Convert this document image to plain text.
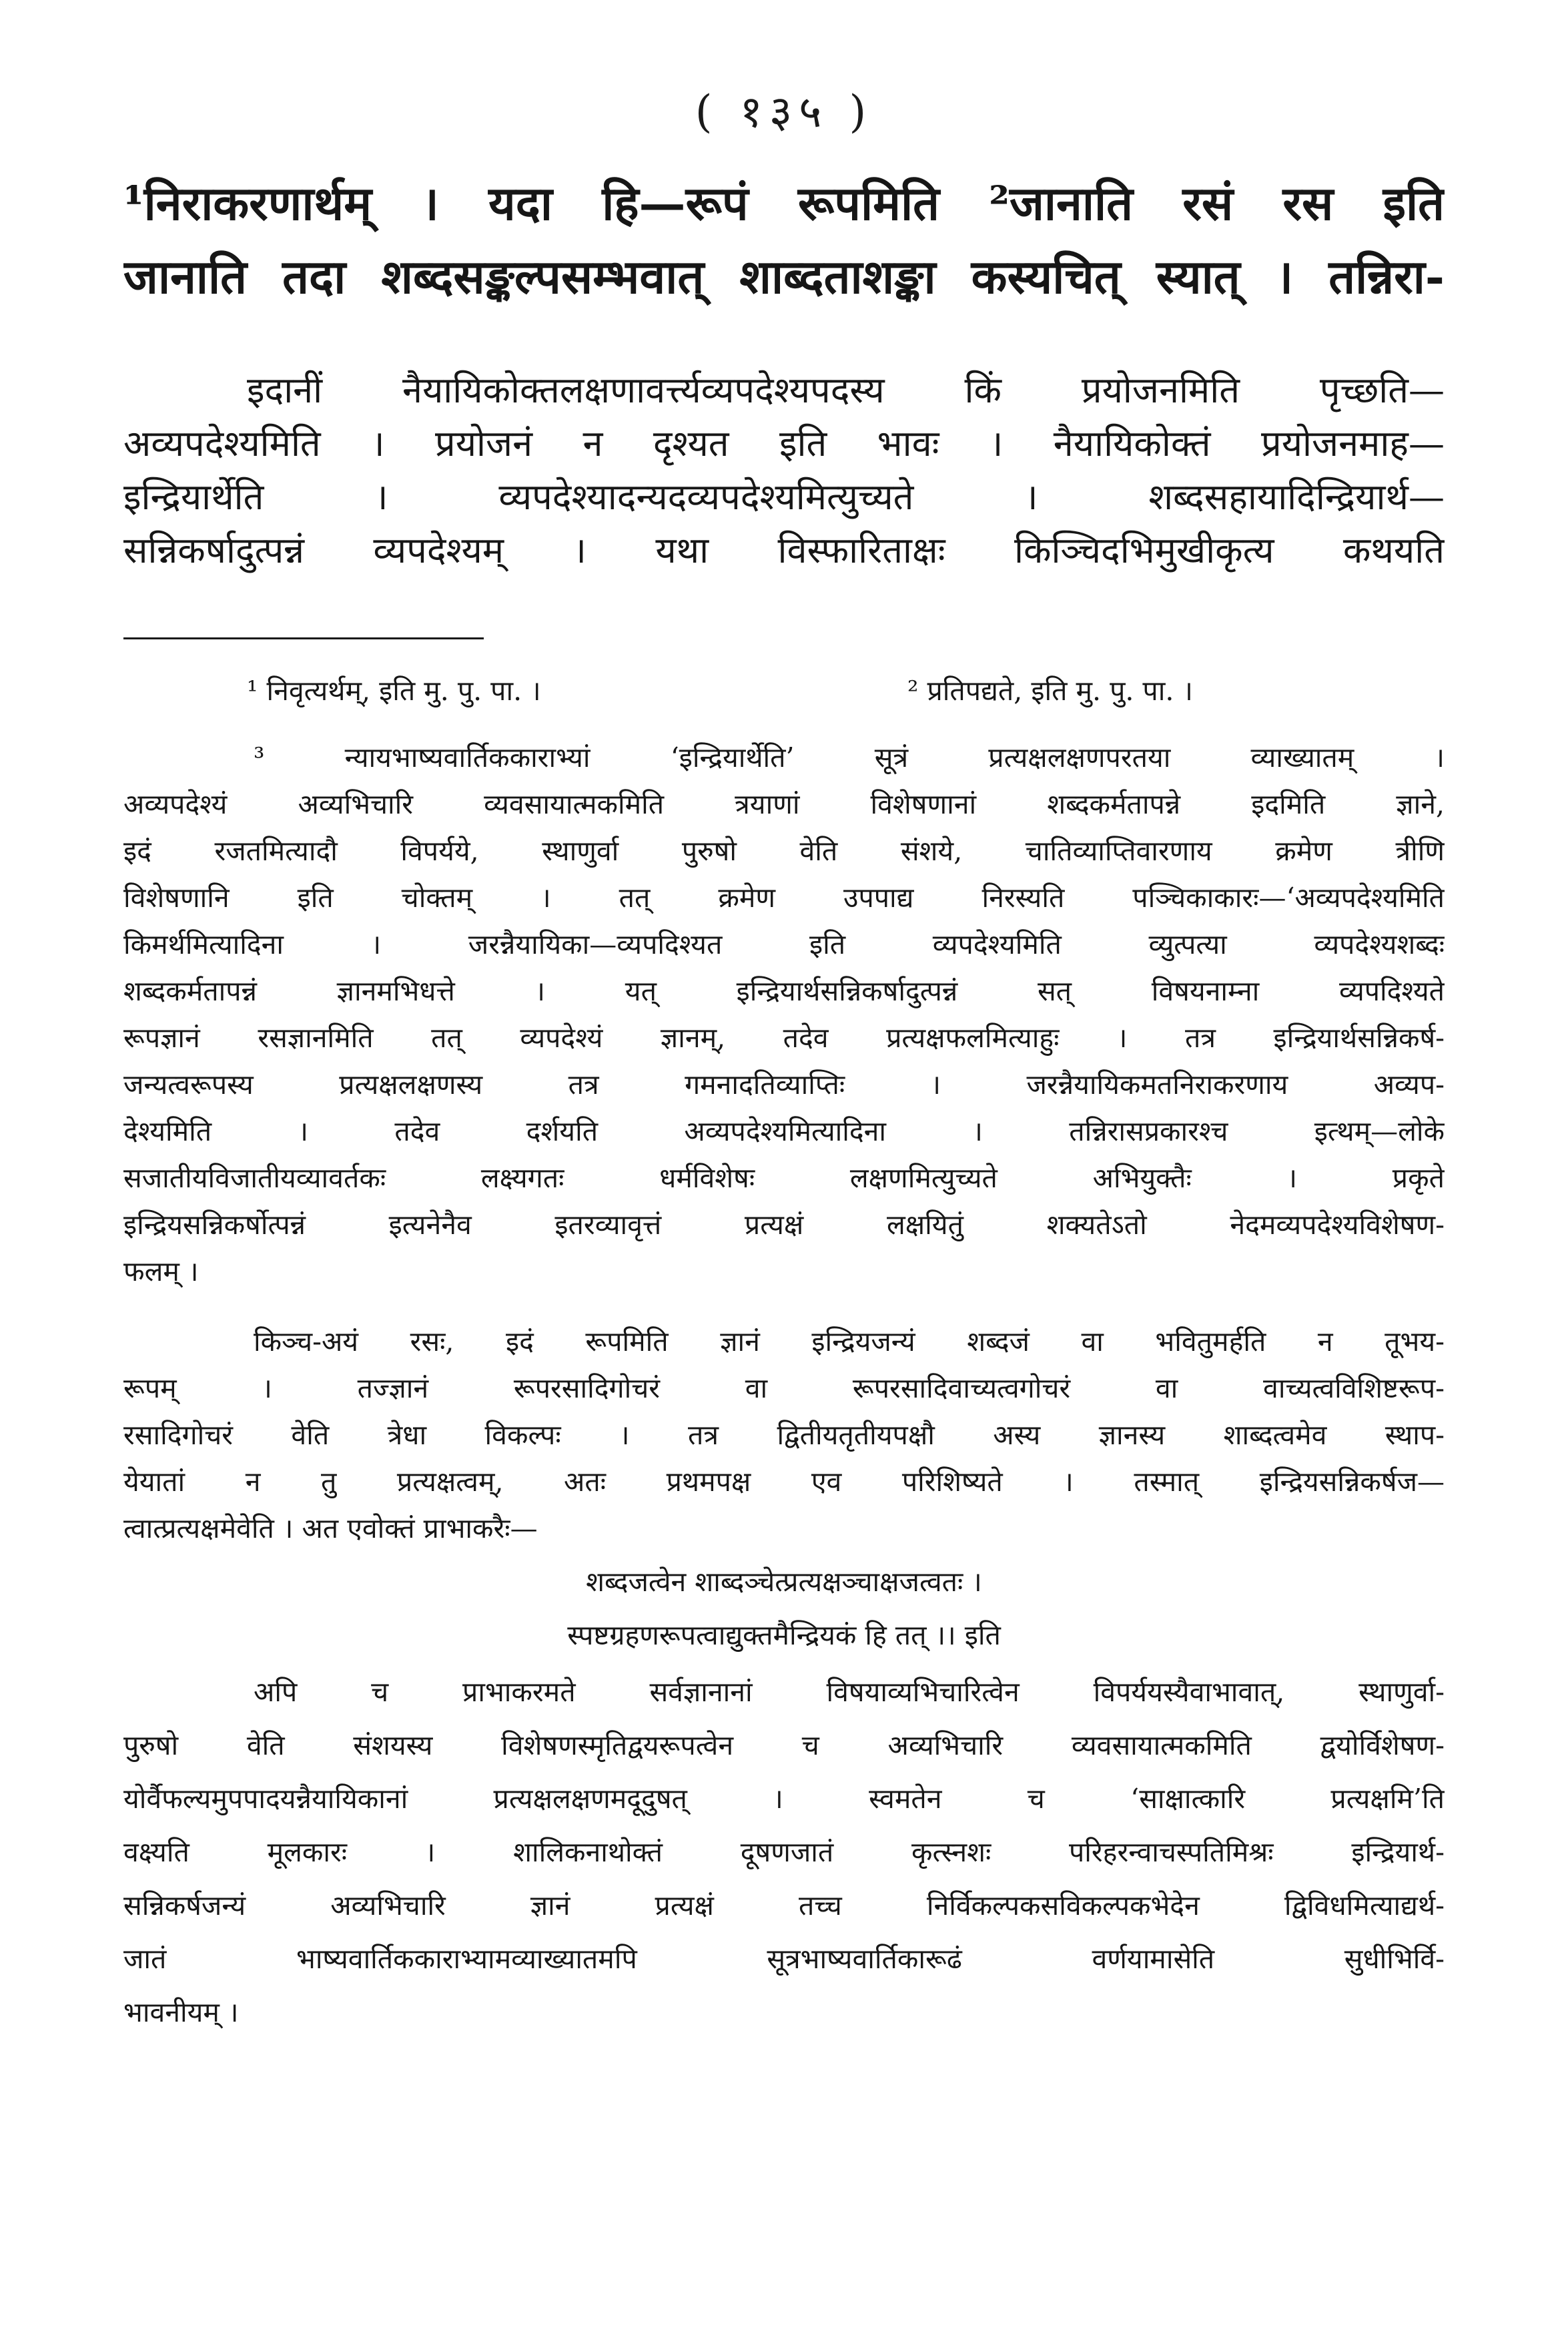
( १३५ )
¹निराकरणार्थम् । यदा हि—रूपं रूपमिति ²जानाति रसं रस इति
जानाति तदा शब्दसङ्कल्पसम्भवात् शाब्दताशङ्का कस्यचित् स्यात् । तन्निरा-
इदानीं नैयायिकोक्तलक्षणावर्त्त्यव्यपदेश्यपदस्य किं प्रयोजनमिति पृच्छति—
अव्यपदेश्यमिति । प्रयोजनं न दृश्यत इति भावः । नैयायिकोक्तं प्रयोजनमाह—
इन्द्रियार्थेति । व्यपदेश्यादन्यदव्यपदेश्यमित्युच्यते । शब्दसहायादिन्द्रियार्थ—
सन्निकर्षादुत्पन्नं व्यपदेश्यम् । यथा विस्फारिताक्षः किञ्चिदभिमुखीकृत्य कथयति
¹ निवृत्यर्थम्, इति मु. पु. पा. ।	² प्रतिपद्यते, इति मु. पु. पा. ।
³ न्यायभाष्यवार्तिककाराभ्यां ‘इन्द्रियार्थेति’ सूत्रं प्रत्यक्षलक्षणपरतया व्याख्यातम् ।
अव्यपदेश्यं अव्यभिचारि व्यवसायात्मकमिति त्रयाणां विशेषणानां शब्दकर्मतापन्ने इदमिति ज्ञाने,
इदं रजतमित्यादौ विपर्यये, स्थाणुर्वा पुरुषो वेति संशये, चातिव्याप्तिवारणाय क्रमेण त्रीणि
विशेषणानि इति चोक्तम् । तत् क्रमेण उपपाद्य निरस्यति पञ्चिकाकारः—‘अव्यपदेश्यमिति
किमर्थमित्यादिना । जरन्नैयायिका—व्यपदिश्यत इति व्यपदेश्यमिति व्युत्पत्या व्यपदेश्यशब्दः
शब्दकर्मतापन्नं ज्ञानमभिधत्ते । यत् इन्द्रियार्थसन्निकर्षादुत्पन्नं सत् विषयनाम्ना व्यपदिश्यते
रूपज्ञानं रसज्ञानमिति तत् व्यपदेश्यं ज्ञानम्, तदेव प्रत्यक्षफलमित्याहुः । तत्र इन्द्रियार्थसन्निकर्ष-
जन्यत्वरूपस्य प्रत्यक्षलक्षणस्य तत्र गमनादतिव्याप्तिः । जरन्नैयायिकमतनिराकरणाय अव्यप-
देश्यमिति । तदेव दर्शयति अव्यपदेश्यमित्यादिना । तन्निरासप्रकारश्च इत्थम्—लोके
सजातीयविजातीयव्यावर्तकः लक्ष्यगतः धर्मविशेषः लक्षणमित्युच्यते अभियुक्तैः । प्रकृते
इन्द्रियसन्निकर्षोत्पन्नं इत्यनेनैव इतरव्यावृत्तं प्रत्यक्षं लक्षयितुं शक्यतेऽतो नेदमव्यपदेश्यविशेषण-
फलम् ।
किञ्च-अयं रसः, इदं रूपमिति ज्ञानं इन्द्रियजन्यं शब्दजं वा भवितुमर्हति न तूभय-
रूपम् । तज्ज्ञानं रूपरसादिगोचरं वा रूपरसादिवाच्यत्वगोचरं वा वाच्यत्वविशिष्टरूप-
रसादिगोचरं वेति त्रेधा विकल्पः । तत्र द्वितीयतृतीयपक्षौ अस्य ज्ञानस्य शाब्दत्वमेव स्थाप-
येयातां न तु प्रत्यक्षत्वम्, अतः प्रथमपक्ष एव परिशिष्यते । तस्मात् इन्द्रियसन्निकर्षज—
त्वात्प्रत्यक्षमेवेति । अत एवोक्तं प्राभाकरैः—
शब्दजत्वेन शाब्दञ्चेत्प्रत्यक्षञ्चाक्षजत्वतः ।
स्पष्टग्रहणरूपत्वाद्युक्तमैन्द्रियकं हि तत् ।। इति
अपि च प्राभाकरमते सर्वज्ञानानां विषयाव्यभिचारित्वेन विपर्ययस्यैवाभावात्, स्थाणुर्वा-
पुरुषो वेति संशयस्य विशेषणस्मृतिद्वयरूपत्वेन च अव्यभिचारि व्यवसायात्मकमिति द्वयोर्विशेषण-
योर्वैफल्यमुपपादयन्नैयायिकानां प्रत्यक्षलक्षणमदूदुषत् । स्वमतेन च ‘साक्षात्कारि प्रत्यक्षमि’ति
वक्ष्यति मूलकारः । शालिकनाथोक्तं दूषणजातं कृत्स्नशः परिहरन्वाचस्पतिमिश्रः इन्द्रियार्थ-
सन्निकर्षजन्यं अव्यभिचारि ज्ञानं प्रत्यक्षं तच्च निर्विकल्पकसविकल्पकभेदेन द्विविधमित्याद्यर्थ-
जातं भाष्यवार्तिककाराभ्यामव्याख्यातमपि सूत्रभाष्यवार्तिकारूढं वर्णयामासेति सुधीभिर्वि-
भावनीयम् ।
